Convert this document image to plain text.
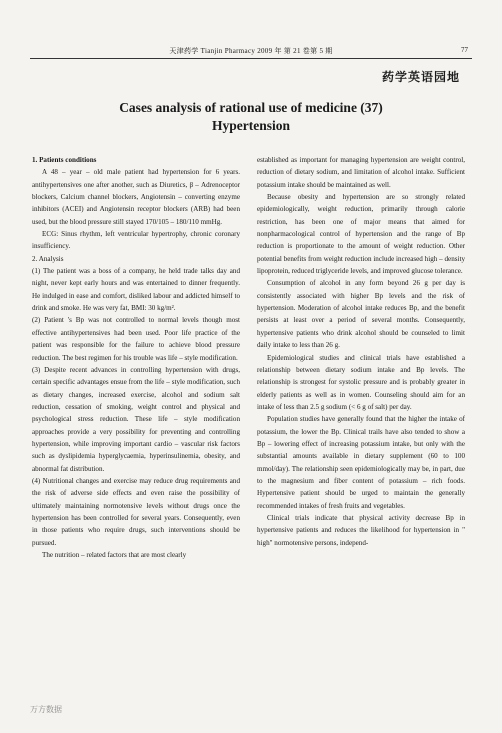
天津药学 Tianjin Pharmacy 2009 年 第 21 卷第 5 期	77
药学英语园地
Cases analysis of rational use of medicine (37)
Hypertension

1. Patients conditions

A 48 – year – old male patient had hypertension for 6 years. antihypertensives one after another, such as Diuretics, β – Adrenoceptor blockers, Calcium channel blockers, Angiotensin – converting enzyme inhibitors (ACEI) and Angiotensin receptor blockers (ARB) had been used, but the blood pressure still stayed 170/105 – 180/110 mmHg.

ECG: Sinus rhythm, left ventricular hypertrophy, chronic coronary insufficiency.

2. Analysis

(1) The patient was a boss of a company, he held trade talks day and night, never kept early hours and was entertained to dinner frequently. He indulged in ease and comfort, disliked labour and addicted himself to drink and smoke. He was very fat, BMI: 30 kg/m².

(2) Patient 's Bp was not controlled to normal levels though most effective antihypertensives had been used. Poor life practice of the patient was responsible for the failure to achieve blood pressure reduction. The best regimen for his trouble was life – style modification.

(3) Despite recent advances in controlling hypertension with drugs, certain specific advantages ensue from the life – style modification, such as dietary changes, increased exercise, alcohol and sodium salt reduction, cessation of smoking, weight control and physical and psychological stress reduction. These life – style modification approaches provide a very possibility for preventing and controlling hypertension, while improving important cardio – vascular risk factors such as dyslipidemia hyperglycaemia, hyperinsulinemia, obesity, and abnormal fat distribution.

(4) Nutritional changes and exercise may reduce drug requirements and the risk of adverse side effects and even raise the possibility of ultimately maintaining normotensive levels without drugs once the hypertension has been controlled for several years. Consequently, even in those patients who require drugs, such interventions should be pursued.

The nutrition – related factors that are most clearly

established as important for managing hypertension are weight control, reduction of dietary sodium, and limitation of alcohol intake. Sufficient potassium intake should be maintained as well.

Because obesity and hypertension are so strongly related epidemiologically, weight reduction, primarily through calorie restriction, has been one of major means that aimed for nonpharmacological control of hypertension and the range of Bp reduction is proportionate to the amount of weight reduction. Other potential benefits from weight reduction include increased high – density lipoprotein, reduced triglyceride levels, and improved glucose tolerance.

Consumption of alcohol in any form beyond 26 g per day is consistently associated with higher Bp levels and the risk of hypertension. Moderation of alcohol intake reduces Bp, and the benefit persists at least over a period of several months. Consequently, hypertensive patients who drink alcohol should be counseled to limit daily intake to less than 26 g.

Epidemiological studies and clinical trials have established a relationship between dietary sodium intake and Bp levels. The relationship is strongest for systolic pressure and is probably greater in elderly patients as well as in women. Counseling should aim for an intake of less than 2.5 g sodium (< 6 g of salt) per day.

Population studies have generally found that the higher the intake of potassium, the lower the Bp. Clinical trails have also tended to show a Bp – lowering effect of increasing potassium intake, but only with the substantial amounts available in dietary supplement (60 to 100 mmol/day). The relationship seen epidemiologically may be, in part, due to the magnesium and fiber content of potassium – rich foods. Hypertensive patient should be urged to maintain the generally recommended intakes of fresh fruits and vegetables.

Clinical trials indicate that physical activity decrease Bp in hypertensive patients and reduces the likelihood for hypertension in " high" normotensive persons, independ-

万方数据
